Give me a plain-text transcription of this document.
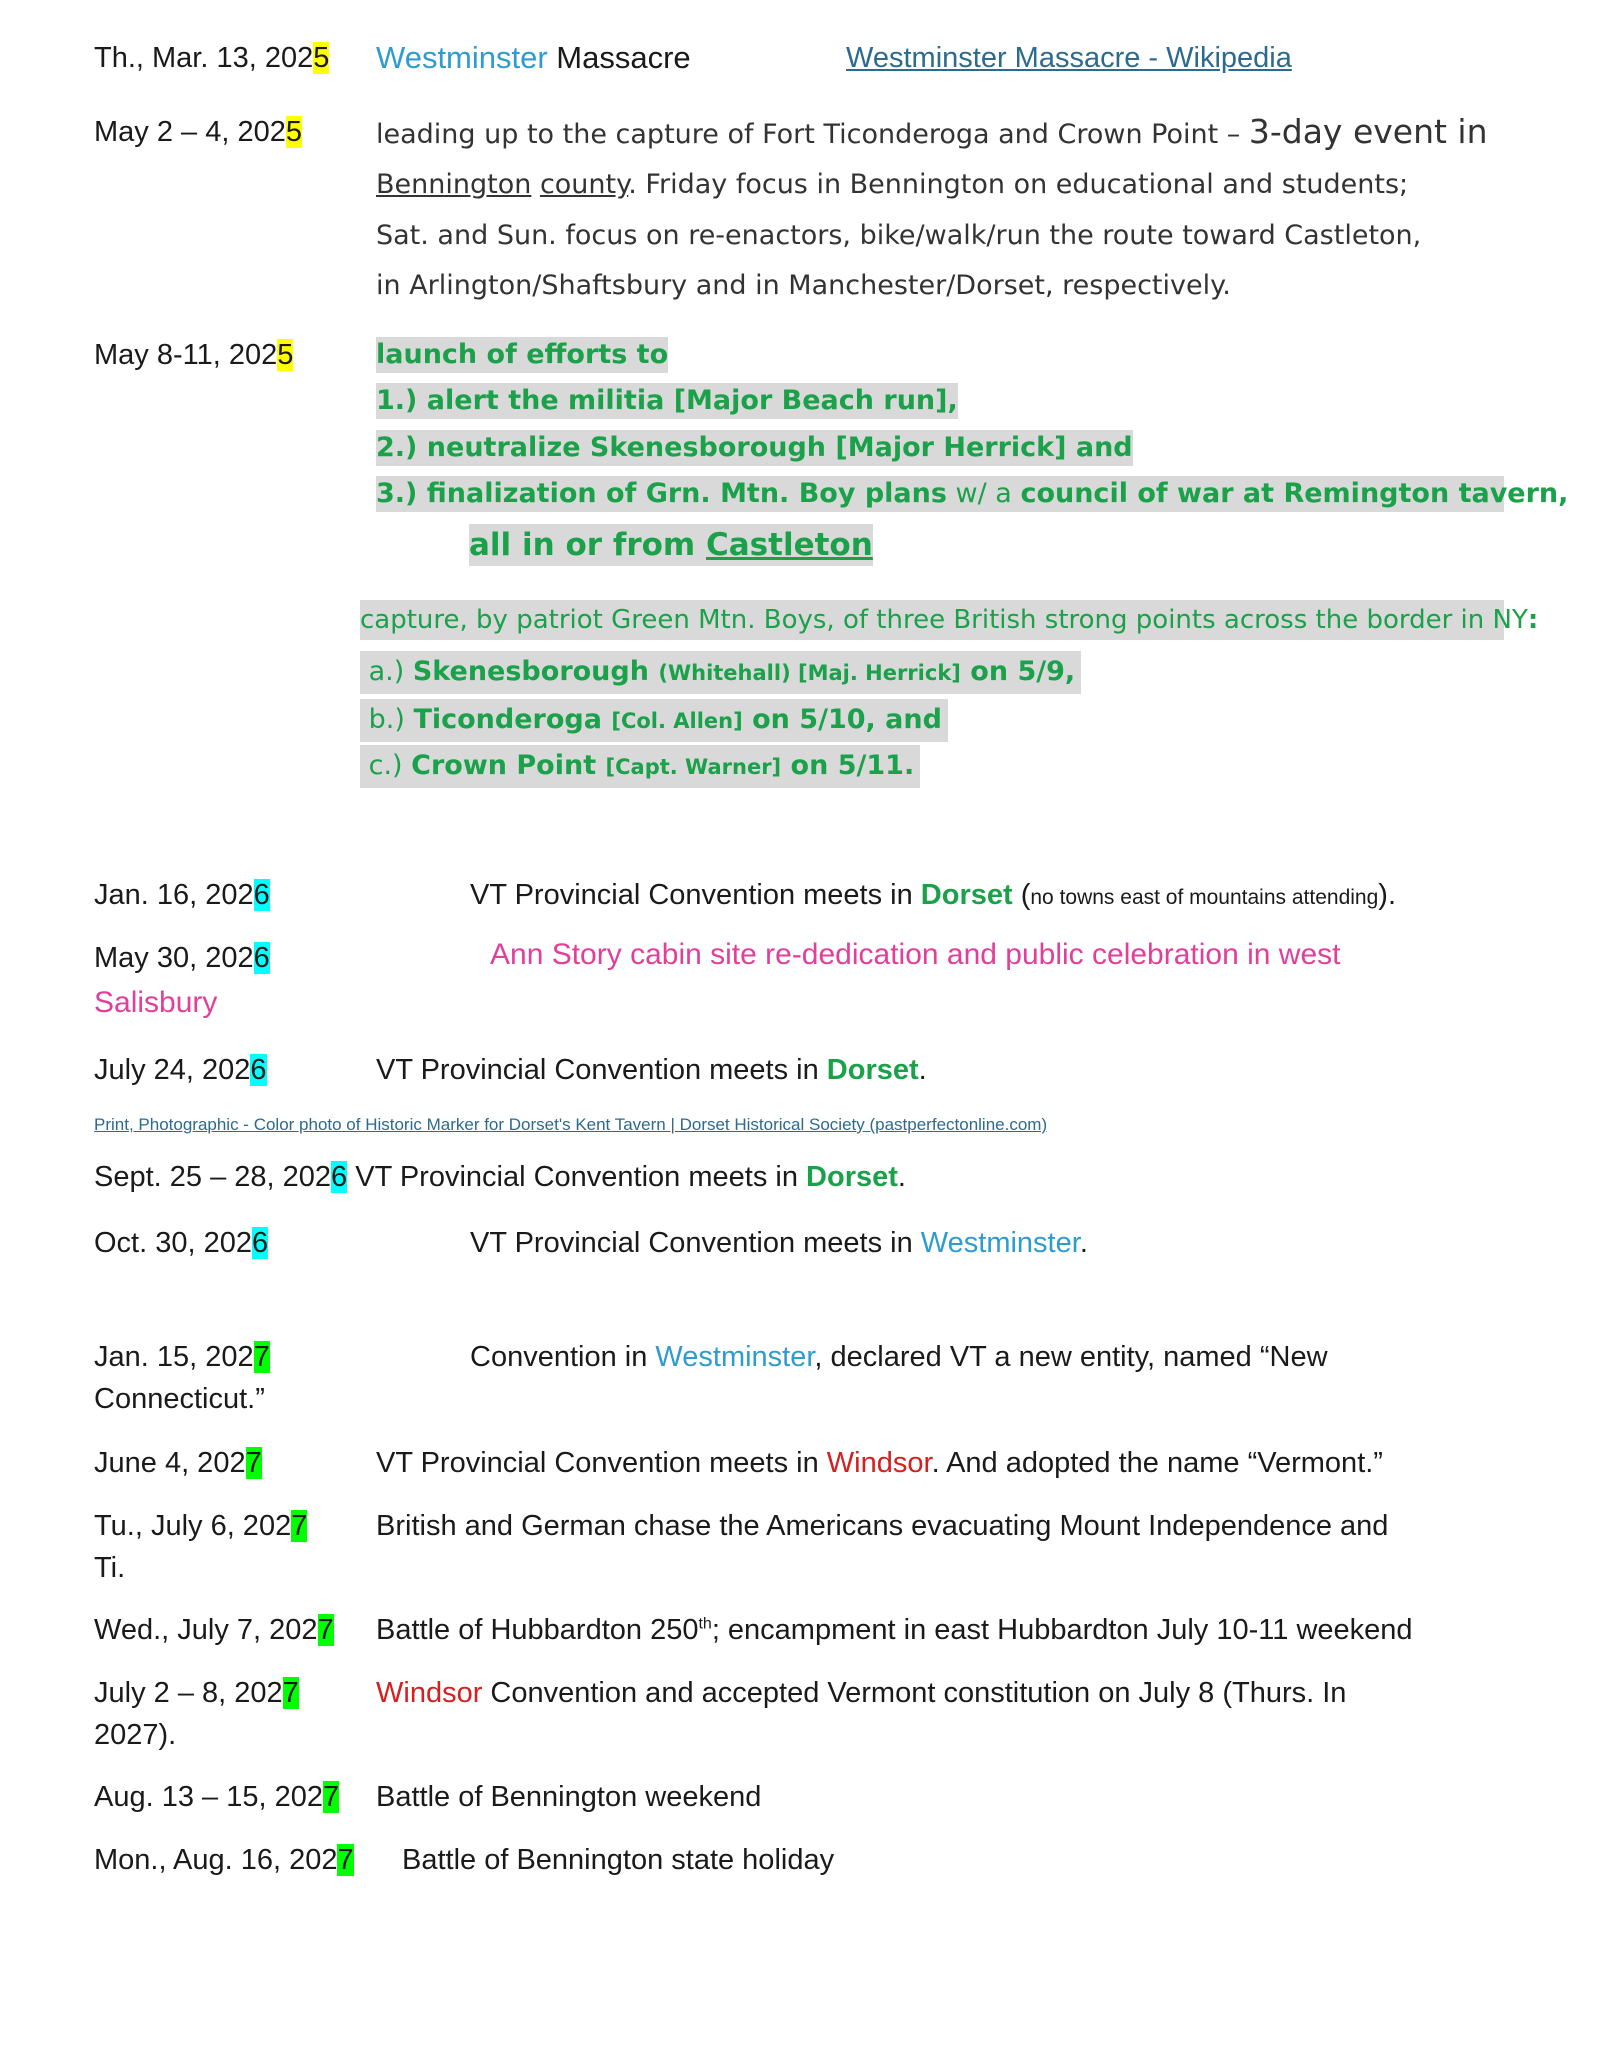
Th., Mar. 13, 2025 Westminster Massacre	Westminster Massacre - Wikipedia
May 2 – 4, 2025	leading up to the capture of Fort Ticonderoga and Crown Point – 3-day event in
Bennington county. Friday focus in Bennington on educational and students;
Sat. and Sun. focus on re-enactors, bike/walk/run the route toward Castleton,
in Arlington/Shaftsbury and in Manchester/Dorset, respectively.
May 8-11, 2025	launch of efforts to
1.) alert the militia [Major Beach run],
2.) neutralize Skenesborough [Major Herrick] and
3.) finalization of Grn. Mtn. Boy plans w/ a council of war at Remington tavern,
all in or from Castleton
capture, by patriot Green Mtn. Boys, of three British strong points across the border in NY:
a.) Skenesborough (Whitehall) [Maj. Herrick] on 5/9,
b.) Ticonderoga [Col. Allen] on 5/10, and
c.) Crown Point [Capt. Warner] on 5/11.
Jan. 16, 2026	VT Provincial Convention meets in Dorset (no towns east of mountains attending).
May 30, 2026	Ann Story cabin site re-dedication and public celebration in west
Salisbury
July 24, 2026	VT Provincial Convention meets in Dorset.
Print, Photographic - Color photo of Historic Marker for Dorset's Kent Tavern | Dorset Historical Society (pastperfectonline.com)
Sept. 25 – 28, 2026 VT Provincial Convention meets in Dorset.
Oct. 30, 2026	VT Provincial Convention meets in Westminster.
Jan. 15, 2027	Convention in Westminster, declared VT a new entity, named “New
Connecticut.”
June 4, 2027	VT Provincial Convention meets in Windsor. And adopted the name “Vermont.”
Tu., July 6, 2027 British and German chase the Americans evacuating Mount Independence and
Ti.
Wed., July 7, 2027 Battle of Hubbardton 250th; encampment in east Hubbardton July 10-11 weekend
July 2 – 8, 2027	Windsor Convention and accepted Vermont constitution on July 8 (Thurs. In
2027).
Aug. 13 – 15, 2027 Battle of Bennington weekend
Mon., Aug. 16, 2027 Battle of Bennington state holiday
